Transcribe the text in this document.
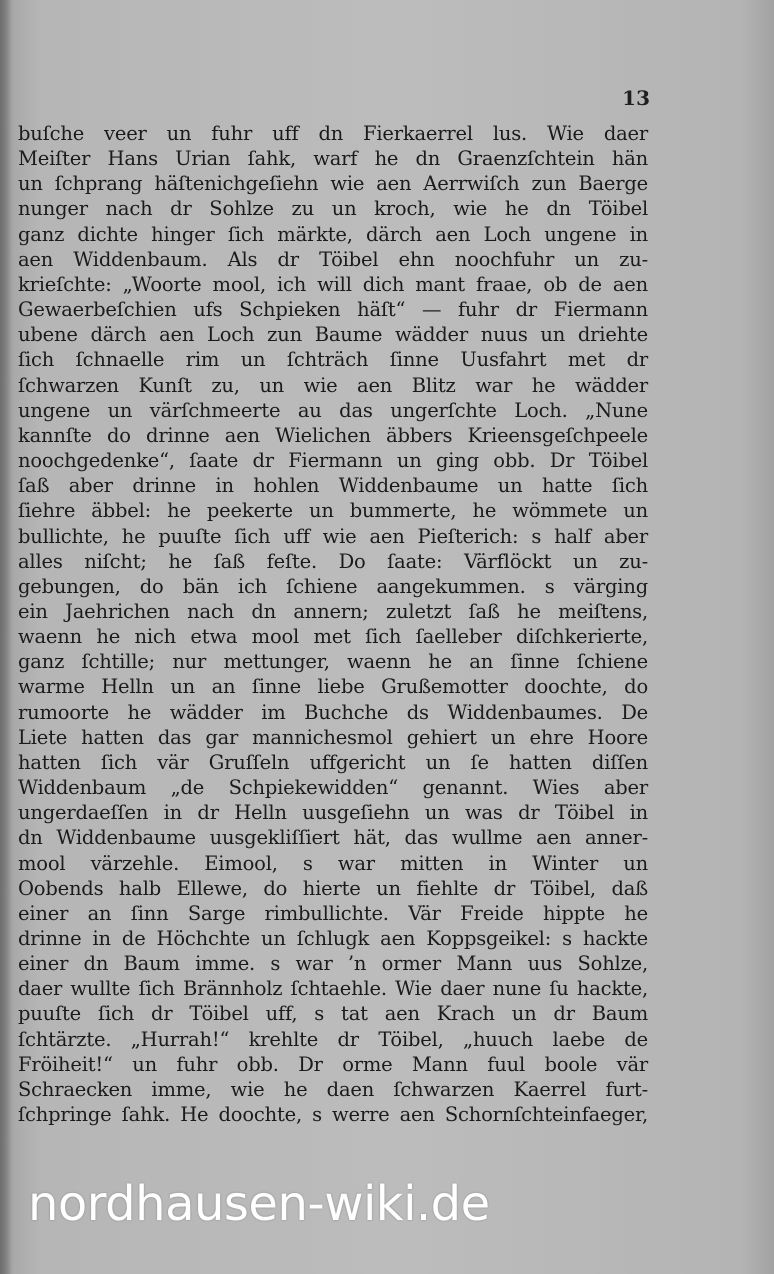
13
buſche veer un fuhr uff dn Fierkaerrel lus. Wie daer
Meiſter Hans Urian ſahk, warf he dn Graenzſchtein hän
un ſchprang häſtenichgeſiehn wie aen Aerrwiſch zun Baerge
nunger nach dr Sohlze zu un kroch, wie he dn Töibel
ganz dichte hinger ſich märkte, därch aen Loch ungene in
aen Widdenbaum. Als dr Töibel ehn noochfuhr un zu-
krieſchte: „Woorte mool, ich will dich mant fraae, ob de aen
Gewaerbeſchien ufs Schpieken häſt“ — fuhr dr Fiermann
ubene därch aen Loch zun Baume wädder nuus un driehte
ſich ſchnaelle rim un ſchträch ſinne Uusfahrt met dr
ſchwarzen Kunſt zu, un wie aen Blitz war he wädder
ungene un värſchmeerte au das ungerſchte Loch. „Nune
kannſte do drinne aen Wielichen äbbers Krieensgeſchpeele
noochgedenke“, ſaate dr Fiermann un ging obb. Dr Töibel
ſaß aber drinne in hohlen Widdenbaume un hatte ſich
ſiehre äbbel: he peekerte un bummerte, he wömmete un
bullichte, he puuſte ſich uff wie aen Pieſterich: s half aber
alles niſcht; he ſaß feſte. Do ſaate: Värflöckt un zu-
gebungen, do bän ich ſchiene aangekummen. s värging
ein Jaehrichen nach dn annern; zuletzt ſaß he meiſtens,
waenn he nich etwa mool met ſich ſaelleber diſchkerierte,
ganz ſchtille; nur mettunger, waenn he an ſinne ſchiene
warme Helln un an ſinne liebe Grußemotter doochte, do
rumoorte he wädder im Buchche ds Widdenbaumes. De
Liete hatten das gar mannichesmol gehiert un ehre Hoore
hatten ſich vär Gruſſeln uffgericht un ſe hatten diſſen
Widdenbaum „de Schpiekewidden“ genannt. Wies aber
ungerdaeſſen in dr Helln uusgeſiehn un was dr Töibel in
dn Widdenbaume uusgekliſſiert hät, das wullme aen anner-
mool värzehle. Eimool, s war mitten in Winter un
Oobends halb Ellewe, do hierte un fiehlte dr Töibel, daß
einer an ſinn Sarge rimbullichte. Vär Freide hippte he
drinne in de Höchchte un ſchlugk aen Koppsgeikel: s hackte
einer dn Baum imme. s war ’n ormer Mann uus Sohlze,
daer wullte ſich Brännholz ſchtaehle. Wie daer nune ſu hackte,
puuſte ſich dr Töibel uff, s tat aen Krach un dr Baum
ſchtärzte. „Hurrah!“ krehlte dr Töibel, „huuch laebe de
Fröiheit!“ un fuhr obb. Dr orme Mann fuul boole vär
Schraecken imme, wie he daen ſchwarzen Kaerrel furt-
ſchpringe ſahk. He doochte, s werre aen Schornſchteinfaeger,
nordhausen-wiki.de
